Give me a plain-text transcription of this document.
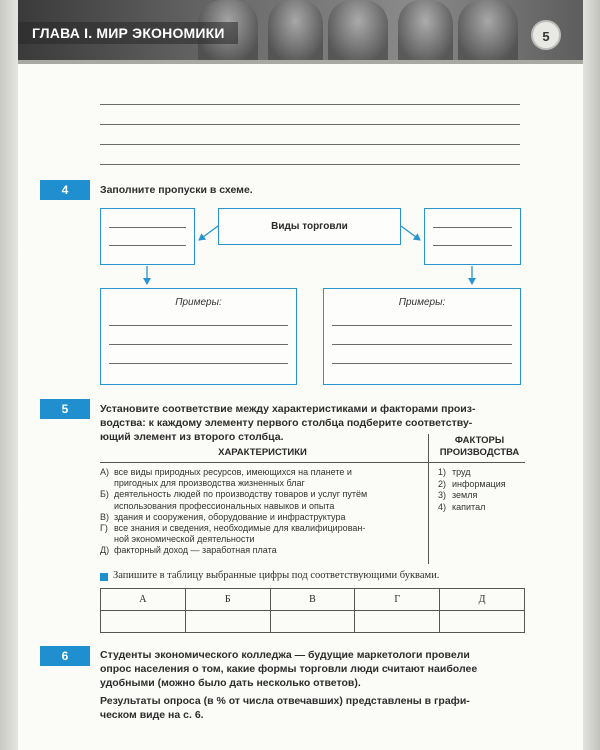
ГЛАВА I. МИР ЭКОНОМИКИ	5
4	Заполните пропуски в схеме.
Виды торговли
Примеры:	Примеры:
5	Установите соответствие между характеристиками и факторами произ-
водства: к каждому элементу первого столбца подберите соответству-
ющий элемент из второго столбца.
ХАРАКТЕРИСТИКИ
ФАКТОРЫ
ПРОИЗВОДСТВА
А) все виды природных ресурсов, имеющихся на планете и
пригодных для производства жизненных благ
Б) деятельность людей по производству товаров и услуг путём
использования профессиональных навыков и опыта
В) здания и сооружения, оборудование и инфраструктура
Г) все знания и сведения, необходимые для квалифицирован-
ной экономической деятельности
Д) факторный доход — заработная плата
1) труд
2) информация
3) земля
4) капитал
Запишите в таблицу выбранные цифры под соответствующими буквами.
А	Б	В	Г	Д

6	Студенты экономического колледжа — будущие маркетологи провели
опрос населения о том, какие формы торговли люди считают наиболее
удобными (можно было дать несколько ответов).
Результаты опроса (в % от числа отвечавших) представлены в графи-
ческом виде на с. 6.
